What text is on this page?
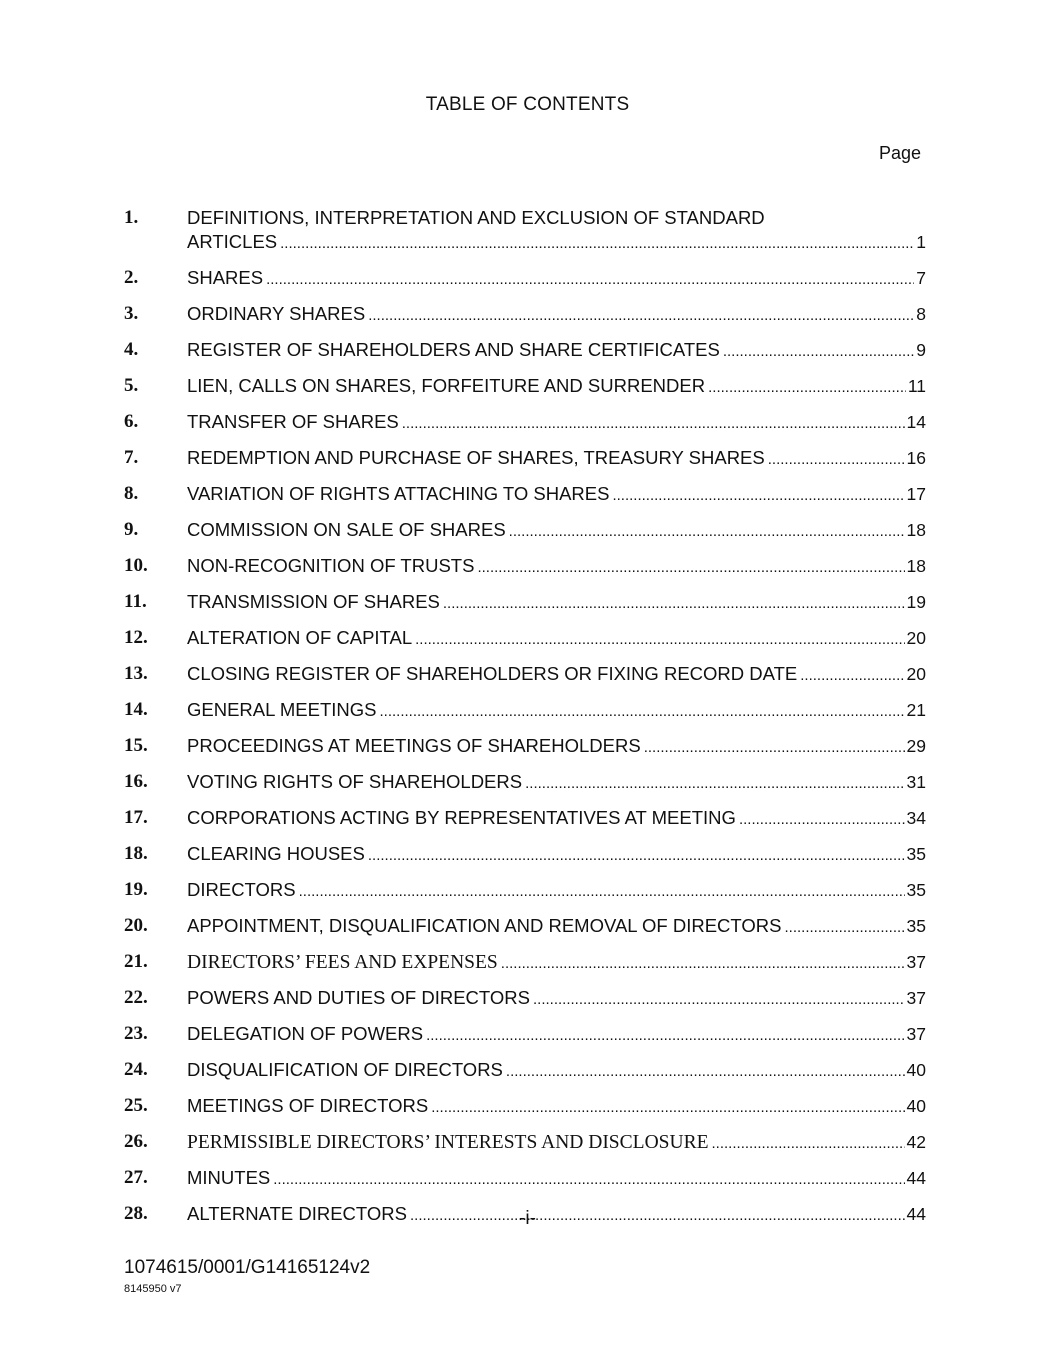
TABLE OF CONTENTS
Page
1.	DEFINITIONS, INTERPRETATION AND EXCLUSION OF STANDARD
ARTICLES .....	1
2.	SHARES .....	7
3.	ORDINARY SHARES .....	8
4.	REGISTER OF SHAREHOLDERS AND SHARE CERTIFICATES .....	9
5.	LIEN, CALLS ON SHARES, FORFEITURE AND SURRENDER .....	11
6.	TRANSFER OF SHARES .....	14
7.	REDEMPTION AND PURCHASE OF SHARES, TREASURY SHARES .....	16
8.	VARIATION OF RIGHTS ATTACHING TO SHARES .....	17
9.	COMMISSION ON SALE OF SHARES .....	18
10. NON-RECOGNITION OF TRUSTS .....	18
11. TRANSMISSION OF SHARES .....	19
12. ALTERATION OF CAPITAL .....	20
13. CLOSING REGISTER OF SHAREHOLDERS OR FIXING RECORD DATE .....	20
14. GENERAL MEETINGS .....	21
15. PROCEEDINGS AT MEETINGS OF SHAREHOLDERS .....	29
16. VOTING RIGHTS OF SHAREHOLDERS .....	31
17. CORPORATIONS ACTING BY REPRESENTATIVES AT MEETING .....	34
18. CLEARING HOUSES .....	35
19. DIRECTORS .....	35
20. APPOINTMENT, DISQUALIFICATION AND REMOVAL OF DIRECTORS .....	35
21. DIRECTORS’ FEES AND EXPENSES .....	37
22. POWERS AND DUTIES OF DIRECTORS .....	37
23. DELEGATION OF POWERS .....	37
24. DISQUALIFICATION OF DIRECTORS .....	40
25. MEETINGS OF DIRECTORS .....	40
26. PERMISSIBLE DIRECTORS’ INTERESTS AND DISCLOSURE .....	42
27. MINUTES .....	44
28. ALTERNATE DIRECTORS .....	44
-i-
1074615/0001/G14165124v2
8145950 v7
